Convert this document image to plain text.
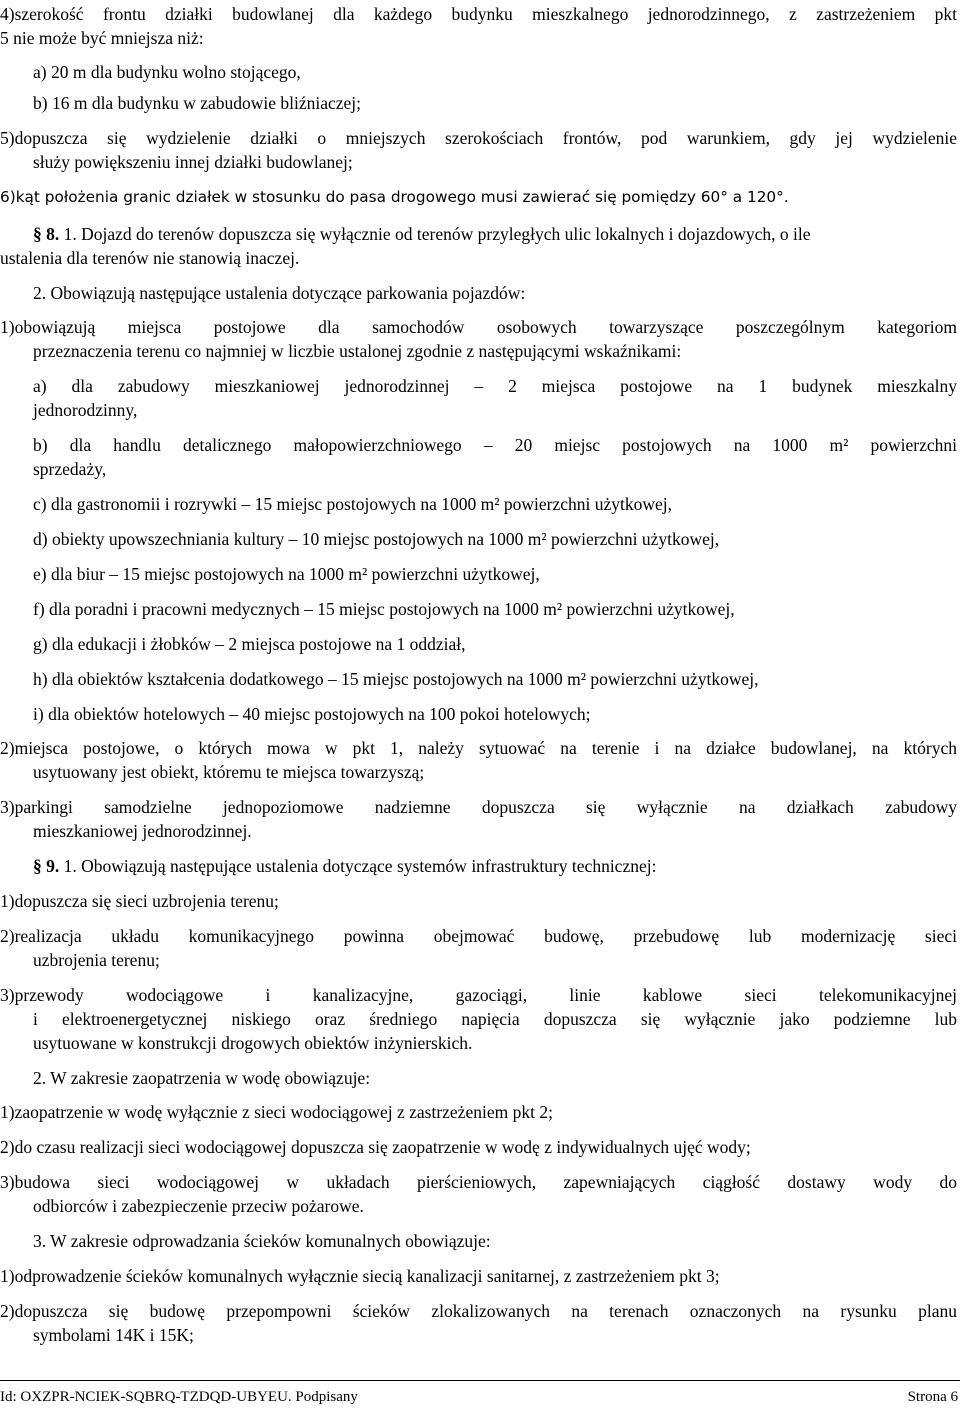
4)szerokość frontu działki budowlanej dla każdego budynku mieszkalnego jednorodzinnego, z zastrzeżeniem pkt
5 nie może być mniejsza niż:
a) 20 m dla budynku wolno stojącego,
b) 16 m dla budynku w zabudowie bliźniaczej;
5)dopuszcza się wydzielenie działki o mniejszych szerokościach frontów, pod warunkiem, gdy jej wydzielenie
służy powiększeniu innej działki budowlanej;
6)kąt położenia granic działek w stosunku do pasa drogowego musi zawierać się pomiędzy 60° a 120°.
§ 8. 1. Dojazd do terenów dopuszcza się wyłącznie od terenów przyległych ulic lokalnych i dojazdowych, o ile
ustalenia dla terenów nie stanowią inaczej.
2. Obowiązują następujące ustalenia dotyczące parkowania pojazdów:
1)obowiązują miejsca postojowe dla samochodów osobowych towarzyszące poszczególnym kategoriom
przeznaczenia terenu co najmniej w liczbie ustalonej zgodnie z następującymi wskaźnikami:
a) dla zabudowy mieszkaniowej jednorodzinnej – 2 miejsca postojowe na 1 budynek mieszkalny
jednorodzinny,
b) dla handlu detalicznego małopowierzchniowego – 20 miejsc postojowych na 1000 m² powierzchni
sprzedaży,
c) dla gastronomii i rozrywki – 15 miejsc postojowych na 1000 m² powierzchni użytkowej,
d) obiekty upowszechniania kultury – 10 miejsc postojowych na 1000 m² powierzchni użytkowej,
e) dla biur – 15 miejsc postojowych na 1000 m² powierzchni użytkowej,
f) dla poradni i pracowni medycznych – 15 miejsc postojowych na 1000 m² powierzchni użytkowej,
g) dla edukacji i żłobków – 2 miejsca postojowe na 1 oddział,
h) dla obiektów kształcenia dodatkowego – 15 miejsc postojowych na 1000 m² powierzchni użytkowej,
i) dla obiektów hotelowych – 40 miejsc postojowych na 100 pokoi hotelowych;
2)miejsca postojowe, o których mowa w pkt 1, należy sytuować na terenie i na działce budowlanej, na których
usytuowany jest obiekt, któremu te miejsca towarzyszą;
3)parkingi samodzielne jednopoziomowe nadziemne dopuszcza się wyłącznie na działkach zabudowy
mieszkaniowej jednorodzinnej.
§ 9. 1. Obowiązują następujące ustalenia dotyczące systemów infrastruktury technicznej:
1)dopuszcza się sieci uzbrojenia terenu;
2)realizacja układu komunikacyjnego powinna obejmować budowę, przebudowę lub modernizację sieci
uzbrojenia terenu;
3)przewody wodociągowe i kanalizacyjne, gazociągi, linie kablowe sieci telekomunikacyjnej
i elektroenergetycznej niskiego oraz średniego napięcia dopuszcza się wyłącznie jako podziemne lub
usytuowane w konstrukcji drogowych obiektów inżynierskich.
2. W zakresie zaopatrzenia w wodę obowiązuje:
1)zaopatrzenie w wodę wyłącznie z sieci wodociągowej z zastrzeżeniem pkt 2;
2)do czasu realizacji sieci wodociągowej dopuszcza się zaopatrzenie w wodę z indywidualnych ujęć wody;
3)budowa sieci wodociągowej w układach pierścieniowych, zapewniających ciągłość dostawy wody do
odbiorców i zabezpieczenie przeciw pożarowe.
3. W zakresie odprowadzania ścieków komunalnych obowiązuje:
1)odprowadzenie ścieków komunalnych wyłącznie siecią kanalizacji sanitarnej, z zastrzeżeniem pkt 3;
2)dopuszcza się budowę przepompowni ścieków zlokalizowanych na terenach oznaczonych na rysunku planu
symbolami 14K i 15K;
Id: OXZPR-NCIEK-SQBRQ-TZDQD-UBYEU. Podpisany	Strona 6
